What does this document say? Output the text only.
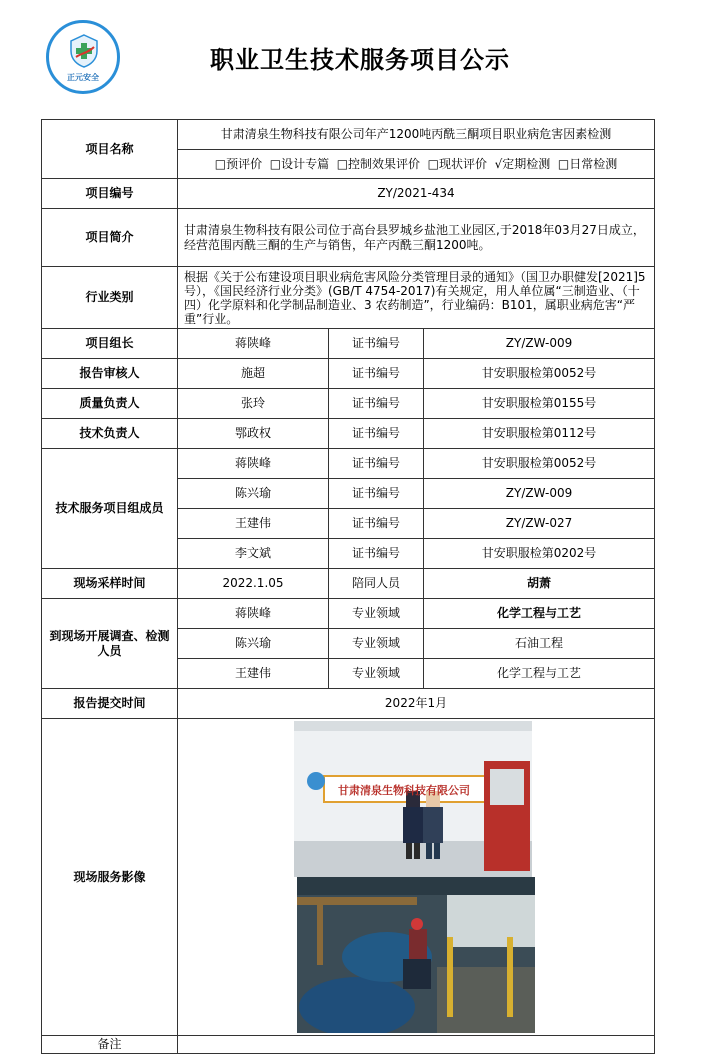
正元安全
职业卫生技术服务项目公示
项目名称	甘肃清泉生物科技有限公司年产1200吨丙酰三酮项目职业病危害因素检测		
	□预评价  □设计专篇  □控制效果评价  □现状评价  √定期检测  □日常检测		
项目编号	ZY/2021-434		
项目简介	甘肃清泉生物科技有限公司位于高台县罗城乡盐池工业园区,于2018年03月27日成立，经营范围丙酰三酮的生产与销售，年产丙酰三酮1200吨。		
行业类别	根据《关于公布建设项目职业病危害风险分类管理目录的通知》（国卫办职健发[2021]5号），《国民经济行业分类》(GB/T 4754-2017)有关规定，用人单位属“三制造业、（十四）化学原料和化学制品制造业、3 农药制造”，行业编码：B101，属职业病危害“严重”行业。		
项目组长	蒋陕峰	证书编号	ZY/ZW-009
报告审核人	施超	证书编号	甘安职服检第0052号
质量负责人	张玲	证书编号	甘安职服检第0155号
技术负责人	鄂政权	证书编号	甘安职服检第0112号
技术服务项目组成员	蒋陕峰	证书编号	甘安职服检第0052号
	陈兴瑜	证书编号	ZY/ZW-009
	王建伟	证书编号	ZY/ZW-027
	李文斌	证书编号	甘安职服检第0202号
现场采样时间	2022.1.05	陪同人员	胡萧
到现场开展调查、检测人员	蒋陕峰	专业领域	化学工程与工艺
	陈兴瑜	专业领域	石油工程
	王建伟	专业领域	化学工程与工艺
报告提交时间	2022年1月		
现场服务影像	甘肃清泉生物科技有限公司		

备注			
